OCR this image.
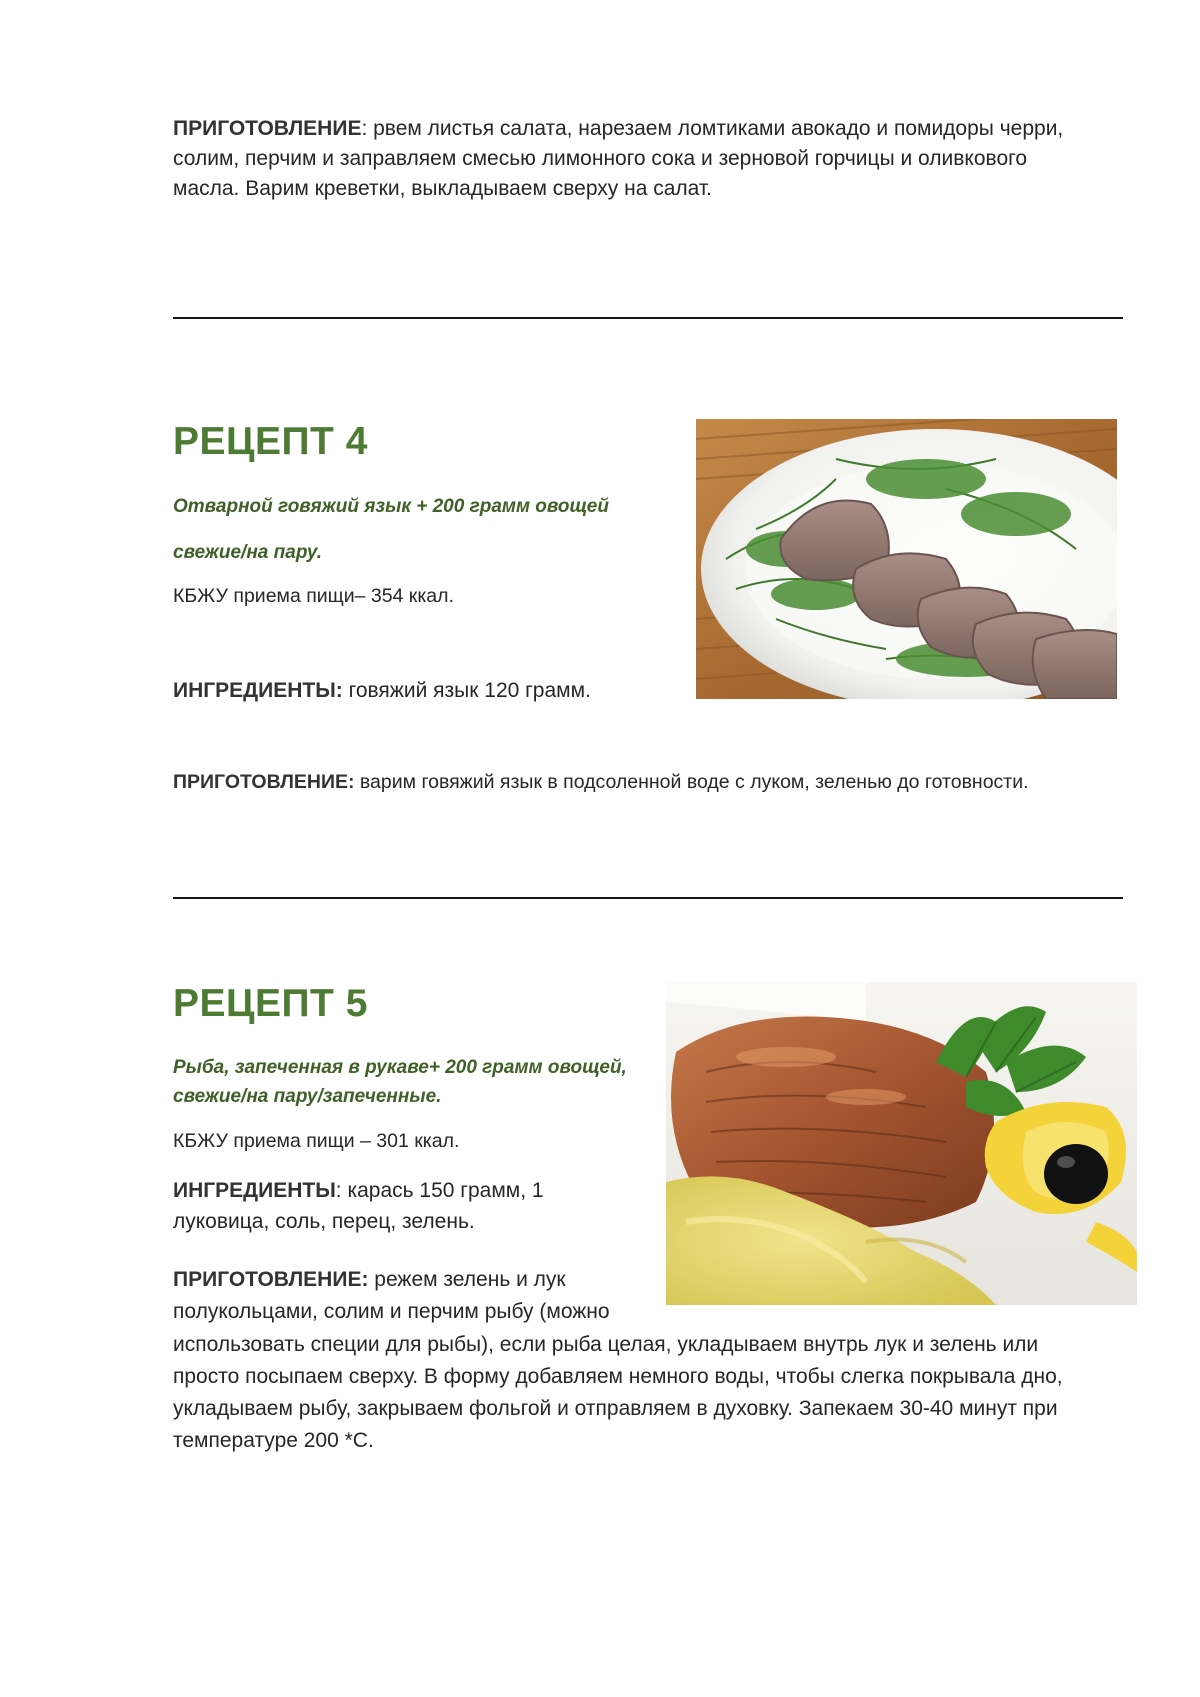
ПРИГОТОВЛЕНИЕ: рвем листья салата, нарезаем ломтиками авокадо и помидоры черри,

солим, перчим и заправляем смесью лимонного сока и зерновой горчицы и оливкового

масла. Варим креветки, выкладываем сверху на салат.

РЕЦЕПТ 4

Отварной говяжий язык + 200 грамм овощей

свежие/на пару.

КБЖУ приема пищи– 354 ккал.

ИНГРЕДИЕНТЫ: говяжий язык 120 грамм.

ПРИГОТОВЛЕНИЕ: варим говяжий язык в подсоленной воде с луком, зеленью до готовности.

РЕЦЕПТ 5

Рыба, запеченная в рукаве+ 200 грамм овощей,

свежие/на пару/запеченные.

КБЖУ приема пищи – 301 ккал.

ИНГРЕДИЕНТЫ: карась 150 грамм, 1

луковица, соль, перец, зелень.

ПРИГОТОВЛЕНИЕ: режем зелень и лук

полукольцами, солим и перчим рыбу (можно

использовать специи для рыбы), если рыба целая, укладываем внутрь лук и зелень или

просто посыпаем сверху. В форму добавляем немного воды, чтобы слегка покрывала дно,

укладываем рыбу, закрываем фольгой и отправляем в духовку. Запекаем 30-40 минут при

температуре 200 *С.
